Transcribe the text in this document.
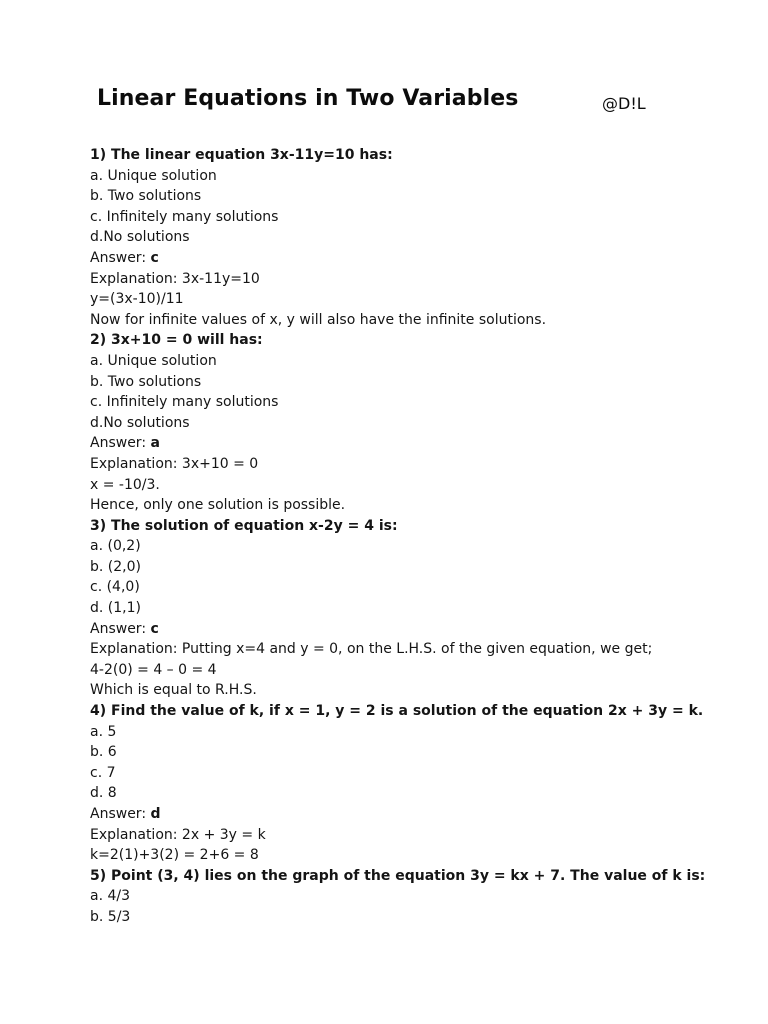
Linear Equations in Two Variables	@D!L
1) The linear equation 3x-11y=10 has:
a. Unique solution
b. Two solutions
c. Infinitely many solutions
d.No solutions
Answer: c
Explanation: 3x-11y=10
y=(3x-10)/11
Now for infinite values of x, y will also have the infinite solutions.
2) 3x+10 = 0 will has:
a. Unique solution
b. Two solutions
c. Infinitely many solutions
d.No solutions
Answer: a
Explanation: 3x+10 = 0
x = -10/3.
Hence, only one solution is possible.
3) The solution of equation x-2y = 4 is:
a. (0,2)
b. (2,0)
c. (4,0)
d. (1,1)
Answer: c
Explanation: Putting x=4 and y = 0, on the L.H.S. of the given equation, we get;
4-2(0) = 4 – 0 = 4
Which is equal to R.H.S.
4) Find the value of k, if x = 1, y = 2 is a solution of the equation 2x + 3y = k.
a. 5
b. 6
c. 7
d. 8
Answer: d
Explanation: 2x + 3y = k
k=2(1)+3(2) = 2+6 = 8
5) Point (3, 4) lies on the graph of the equation 3y = kx + 7. The value of k is:
a. 4/3
b. 5/3
